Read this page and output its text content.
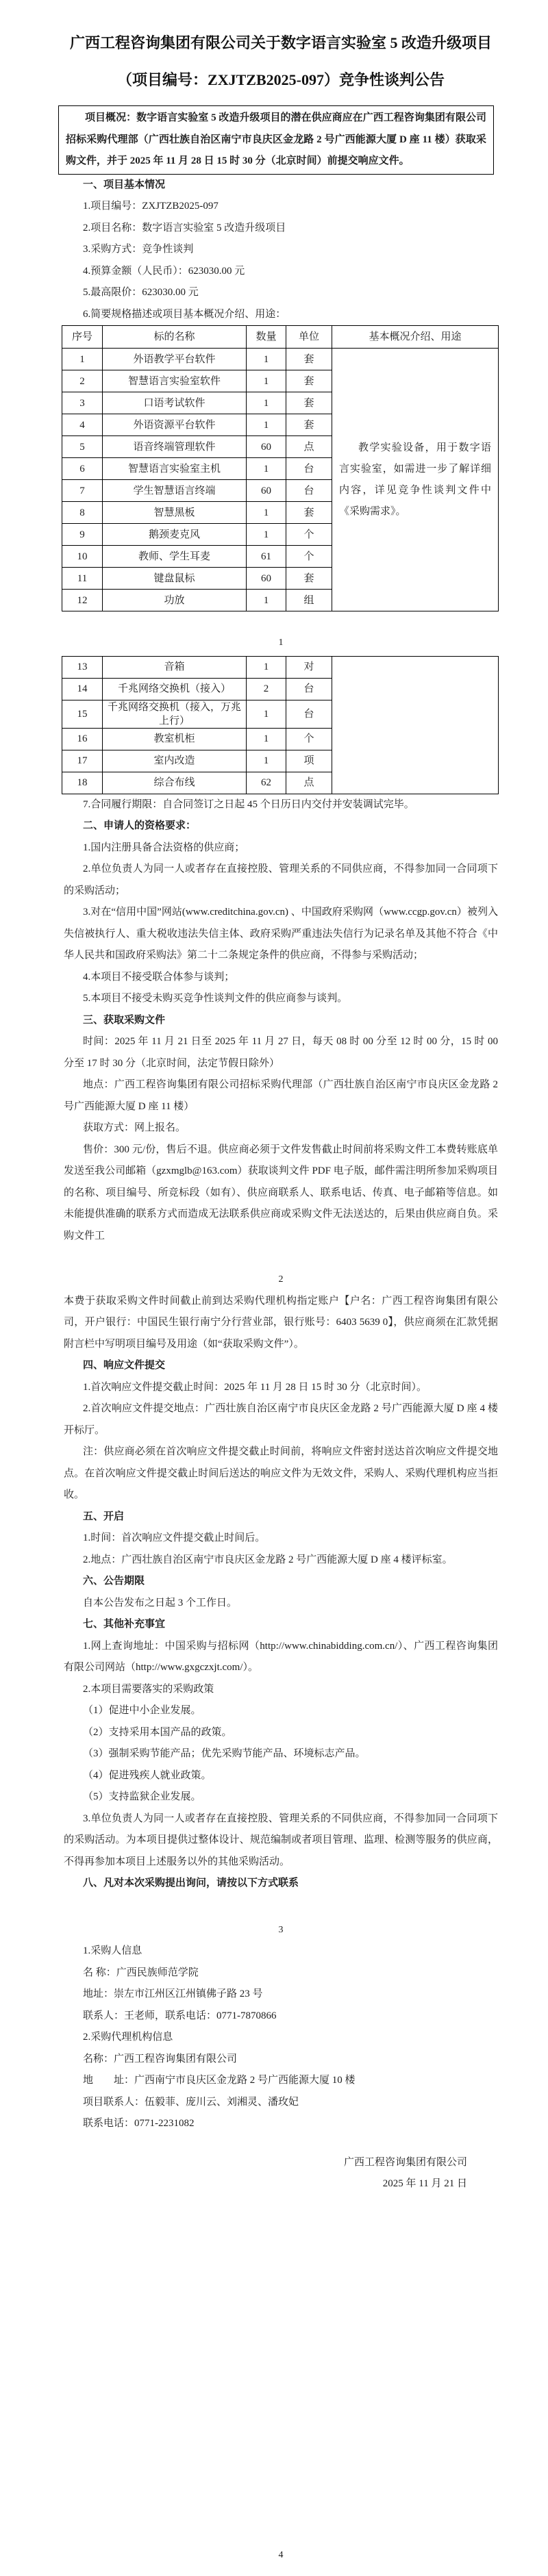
广西工程咨询集团有限公司关于数字语言实验室 5 改造升级项目
（项目编号：ZXJTZB2025-097）竞争性谈判公告
项目概况：数字语言实验室 5 改造升级项目的潜在供应商应在广西工程咨询集团有限公司招标采购代理部（广西壮族自治区南宁市良庆区金龙路 2 号广西能源大厦 D 座 11 楼）获取采购文件，并于 2025 年 11 月 28 日 15 时 30 分（北京时间）前提交响应文件。
一、项目基本情况
1.项目编号：ZXJTZB2025-097
2.项目名称：数字语言实验室 5 改造升级项目
3.采购方式：竞争性谈判
4.预算金额（人民币）：623030.00 元
5.最高限价：623030.00 元
6.简要规格描述或项目基本概况介绍、用途：
序号	标的名称	数量	单位	基本概况介绍、用途
1	外语教学平台软件	1	套	教学实验设备，用于数字语言实验室，如需进一步了解详细内容，详见竞争性谈判文件中《采购需求》。
2	智慧语言实验室软件	1	套	
3	口语考试软件	1	套	
4	外语资源平台软件	1	套	
5	语音终端管理软件	60	点	
6	智慧语言实验室主机	1	台	
7	学生智慧语言终端	60	台	
8	智慧黑板	1	套	
9	鹅颈麦克风	1	个	
10	教师、学生耳麦	61	个	
11	键盘鼠标	60	套	
12	功放	1	组	
1
13	音箱	1	对	
14	千兆网络交换机（接入）	2	台	
15	千兆网络交换机（接入，万兆上行）	1	台	
16	教室机柜	1	个	
17	室内改造	1	项	
18	综合布线	62	点	
7.合同履行期限：自合同签订之日起 45 个日历日内交付并安装调试完毕。
二、申请人的资格要求：
1.国内注册具备合法资格的供应商；
2.单位负责人为同一人或者存在直接控股、管理关系的不同供应商，不得参加同一合同项下的采购活动；
3.对在“信用中国”网站(www.creditchina.gov.cn) 、中国政府采购网（www.ccgp.gov.cn）被列入失信被执行人、重大税收违法失信主体、政府采购严重违法失信行为记录名单及其他不符合《中华人民共和国政府采购法》第二十二条规定条件的供应商，不得参与采购活动；
4.本项目不接受联合体参与谈判；
5.本项目不接受未购买竞争性谈判文件的供应商参与谈判。
三、获取采购文件
时间：2025 年 11 月 21 日至 2025 年 11 月 27 日，每天 08 时 00 分至 12 时 00 分，15 时 00 分至 17 时 30 分（北京时间，法定节假日除外）
地点：广西工程咨询集团有限公司招标采购代理部（广西壮族自治区南宁市良庆区金龙路 2 号广西能源大厦 D 座 11 楼）
获取方式：网上报名。
售价：300 元/份，售后不退。供应商必须于文件发售截止时间前将采购文件工本费转账底单发送至我公司邮箱（gzxmglb@163.com）获取谈判文件 PDF 电子版，邮件需注明所参加采购项目的名称、项目编号、所竞标段（如有）、供应商联系人、联系电话、传真、电子邮箱等信息。如未能提供准确的联系方式而造成无法联系供应商或采购文件无法送达的，后果由供应商自负。采购文件工
2
本费于获取采购文件时间截止前到达采购代理机构指定账户【户名：广西工程咨询集团有限公司，开户银行：中国民生银行南宁分行营业部，银行账号：6403 5639 0】，供应商须在汇款凭据附言栏中写明项目编号及用途（如“获取采购文件”）。
四、响应文件提交
1.首次响应文件提交截止时间：2025 年 11 月 28 日 15 时 30 分（北京时间）。
2.首次响应文件提交地点：广西壮族自治区南宁市良庆区金龙路 2 号广西能源大厦 D 座 4 楼开标厅。
注：供应商必须在首次响应文件提交截止时间前，将响应文件密封送达首次响应文件提交地点。在首次响应文件提交截止时间后送达的响应文件为无效文件，采购人、采购代理机构应当拒收。
五、开启
1.时间：首次响应文件提交截止时间后。
2.地点：广西壮族自治区南宁市良庆区金龙路 2 号广西能源大厦 D 座 4 楼评标室。
六、公告期限
自本公告发布之日起 3 个工作日。
七、其他补充事宜
1.网上查询地址：中国采购与招标网（http://www.chinabidding.com.cn/）、广西工程咨询集团有限公司网站（http://www.gxgczxjt.com/）。
2.本项目需要落实的采购政策
（1）促进中小企业发展。
（2）支持采用本国产品的政策。
（3）强制采购节能产品；优先采购节能产品、环境标志产品。
（4）促进残疾人就业政策。
（5）支持监狱企业发展。
3.单位负责人为同一人或者存在直接控股、管理关系的不同供应商，不得参加同一合同项下的采购活动。为本项目提供过整体设计、规范编制或者项目管理、监理、检测等服务的供应商，不得再参加本项目上述服务以外的其他采购活动。
八、凡对本次采购提出询问，请按以下方式联系
3
1.采购人信息
名 称：广西民族师范学院
地址：崇左市江州区江州镇佛子路 23 号
联系人：王老师，联系电话：0771-7870866
2.采购代理机构信息
名称：广西工程咨询集团有限公司
地　　址：广西南宁市良庆区金龙路 2 号广西能源大厦 10 楼
项目联系人：伍毅菲、庞川云、刘湘灵、潘玫妃
联系电话：0771-2231082
广西工程咨询集团有限公司
2025 年 11 月 21 日
4
